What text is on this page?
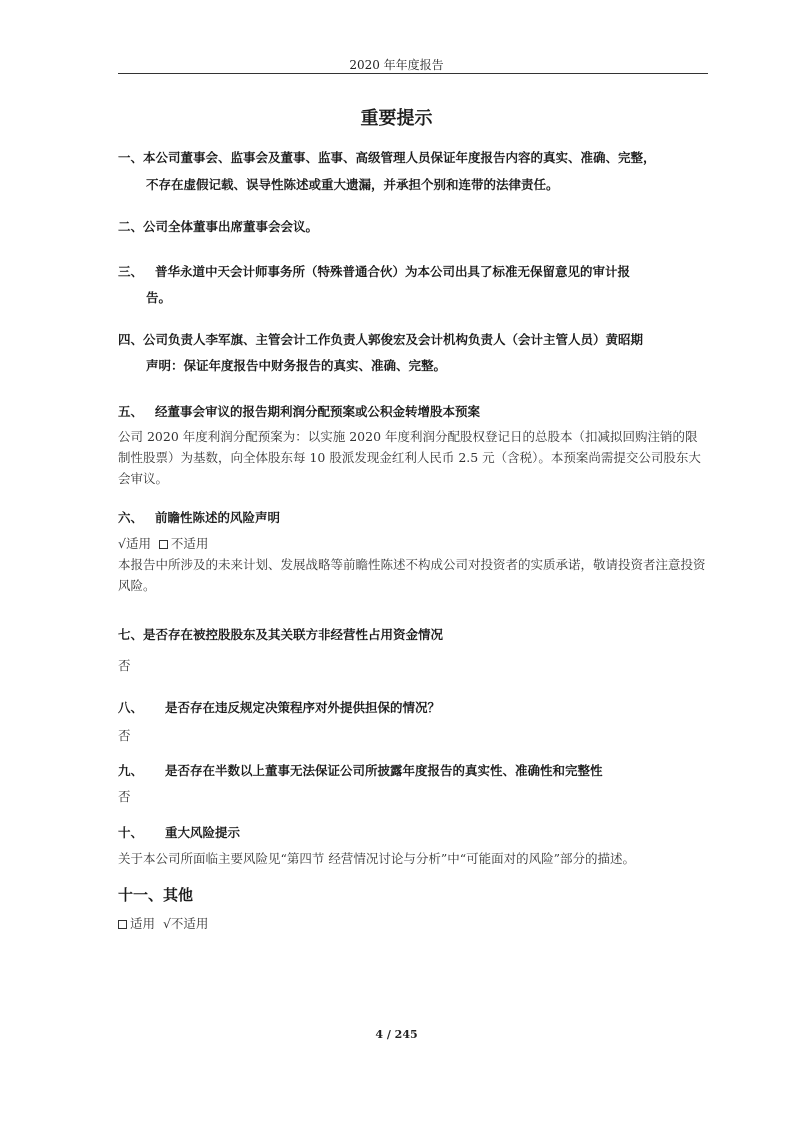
2020 年年度报告
重要提示
一、本公司董事会、监事会及董事、监事、高级管理人员保证年度报告内容的真实、准确、完整，
不存在虚假记载、误导性陈述或重大遗漏，并承担个别和连带的法律责任。
二、公司全体董事出席董事会会议。
三、 普华永道中天会计师事务所（特殊普通合伙）为本公司出具了标准无保留意见的审计报
告。
四、公司负责人李军旗、主管会计工作负责人郭俊宏及会计机构负责人（会计主管人员）黄昭期
声明：保证年度报告中财务报告的真实、准确、完整。
五、 经董事会审议的报告期利润分配预案或公积金转增股本预案
公司 2020 年度利润分配预案为：以实施 2020 年度利润分配股权登记日的总股本（扣减拟回购注销的限制性股票）为基数，向全体股东每 10 股派发现金红利人民币 2.5 元（含税）。本预案尚需提交公司股东大会审议。
六、 前瞻性陈述的风险声明
√适用 不适用
本报告中所涉及的未来计划、发展战略等前瞻性陈述不构成公司对投资者的实质承诺，敬请投资者注意投资风险。
七、是否存在被控股股东及其关联方非经营性占用资金情况
否
八、 是否存在违反规定决策程序对外提供担保的情况？
否
九、 是否存在半数以上董事无法保证公司所披露年度报告的真实性、准确性和完整性
否
十、 重大风险提示
关于本公司所面临主要风险见“第四节 经营情况讨论与分析”中“可能面对的风险”部分的描述。
十一、其他
适用 √不适用
4 / 245
